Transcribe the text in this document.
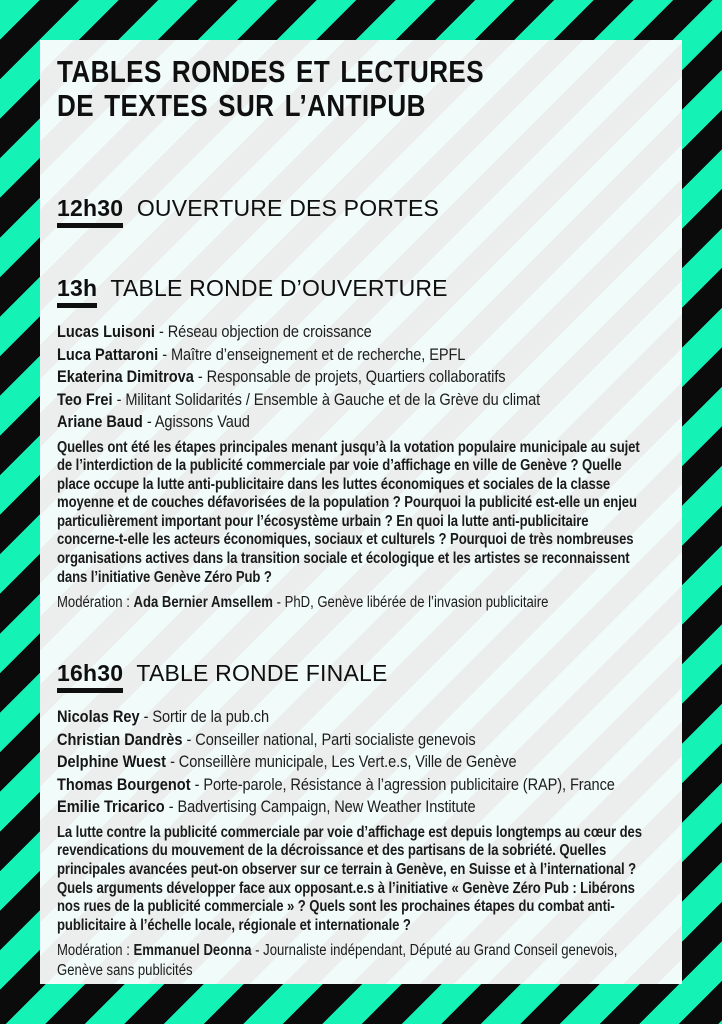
TABLES RONDES ET LECTURES
DE TEXTES SUR L’ANTIPUB
12h30 OUVERTURE DES PORTES
13h TABLE RONDE D’OUVERTURE
Lucas Luisoni - Réseau objection de croissance
Luca Pattaroni - Maître d’enseignement et de recherche, EPFL
Ekaterina Dimitrova - Responsable de projets, Quartiers collaboratifs
Teo Frei - Militant Solidarités / Ensemble à Gauche et de la Grève du climat
Ariane Baud - Agissons Vaud

Quelles ont été les étapes principales menant jusqu’à la votation populaire municipale au sujet de l’interdiction de la publicité commerciale par voie d’affichage en ville de Genève ? Quelle place occupe la lutte anti-publicitaire dans les luttes économiques et sociales de la classe moyenne et de couches défavorisées de la population ? Pourquoi la publicité est-elle un enjeu particulièrement important pour l’écosystème urbain ? En quoi la lutte anti-publicitaire concerne-t-elle les acteurs économiques, sociaux et culturels ? Pourquoi de très nombreuses organisations actives dans la transition sociale et écologique et les artistes se reconnaissent dans l’initiative Genève Zéro Pub ?

Modération : Ada Bernier Amsellem - PhD, Genève libérée de l’invasion publicitaire

16h30 TABLE RONDE FINALE
Nicolas Rey - Sortir de la pub.ch
Christian Dandrès - Conseiller national, Parti socialiste genevois
Delphine Wuest - Conseillère municipale, Les Vert.e.s, Ville de Genève
Thomas Bourgenot - Porte-parole, Résistance à l’agression publicitaire (RAP), France
Emilie Tricarico - Badvertising Campaign, New Weather Institute

La lutte contre la publicité commerciale par voie d’affichage est depuis longtemps au cœur des revendications du mouvement de la décroissance et des partisans de la sobriété. Quelles principales avancées peut-on observer sur ce terrain à Genève, en Suisse et à l’international ? Quels arguments développer face aux opposant.e.s à l’initiative « Genève Zéro Pub : Libérons nos rues de la publicité commerciale » ? Quels sont les prochaines étapes du combat anti-publicitaire à l’échelle locale, régionale et internationale ?

Modération : Emmanuel Deonna - Journaliste indépendant, Député au Grand Conseil genevois, Genève sans publicités
